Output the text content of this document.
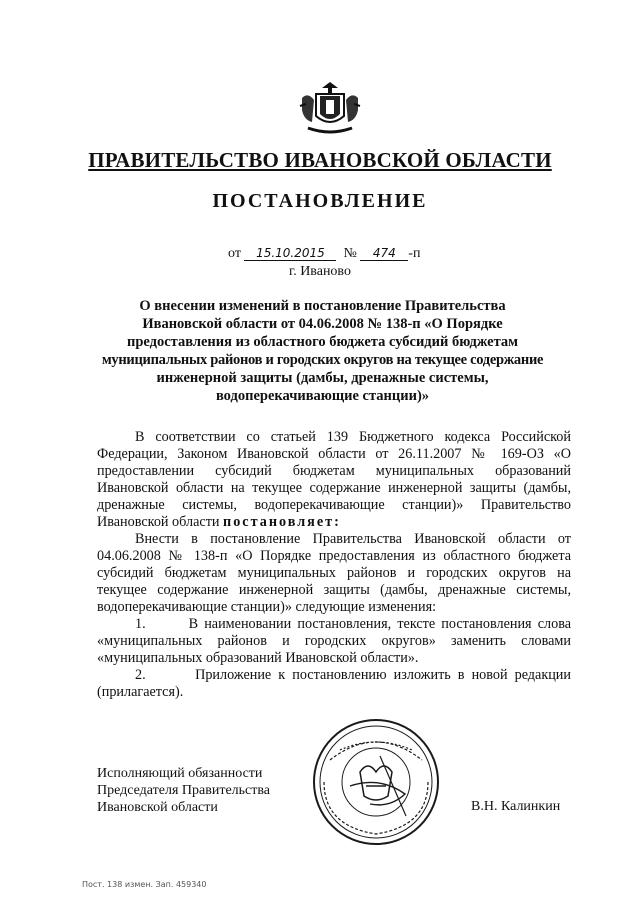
ПРАВИТЕЛЬСТВО ИВАНОВСКОЙ ОБЛАСТИ
ПОСТАНОВЛЕНИЕ
от 15.10.2015 № 474 -п
г. Иваново
О внесении изменений в постановление Правительства
Ивановской области от 04.06.2008 № 138-п «О Порядке
предоставления из областного бюджета субсидий бюджетам
муниципальных районов и городских округов на текущее содержание
инженерной защиты (дамбы, дренажные системы,
водоперекачивающие станции)»

В соответствии со статьей 139 Бюджетного кодекса Российской Федерации, Законом Ивановской области от 26.11.2007 № 169-ОЗ «О предоставлении субсидий бюджетам муниципальных образований Ивановской области на текущее содержание инженерной защиты (дамбы, дренажные системы, водоперекачивающие станции)» Правительство Ивановской области постановляет:

Внести в постановление Правительства Ивановской области от 04.06.2008 № 138-п «О Порядке предоставления из областного бюджета субсидий бюджетам муниципальных районов и городских округов на текущее содержание инженерной защиты (дамбы, дренажные системы, водоперекачивающие станции)» следующие изменения:

1.	В наименовании постановления, тексте постановления слова «муниципальных районов и городских округов» заменить словами «муниципальных образований Ивановской области».

2.	Приложение к постановлению изложить в новой редакции (прилагается).

Исполняющий обязанности
Председателя Правительства
Ивановской области	В.Н. Калинкин
Пост. 138 измен. Зап. 459340
